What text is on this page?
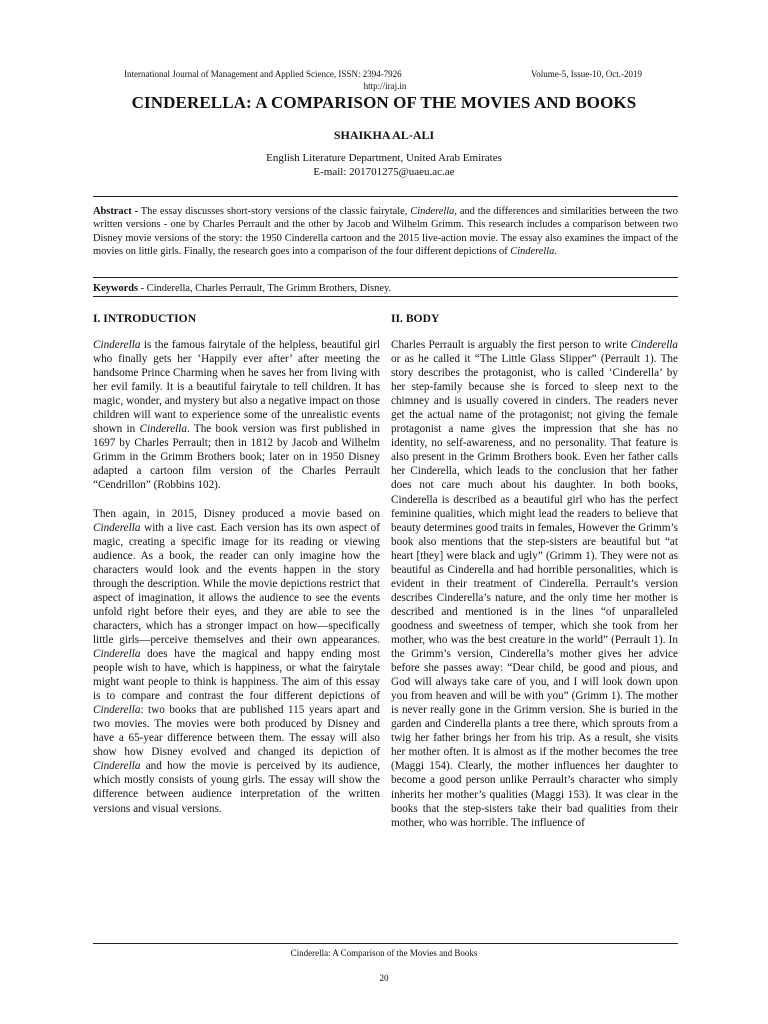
International Journal of Management and Applied Science, ISSN: 2394-7926	Volume-5, Issue-10, Oct.-2019
http://iraj.in
CINDERELLA: A COMPARISON OF THE MOVIES AND BOOKS
SHAIKHA AL-ALI
English Literature Department, United Arab Emirates
E-mail: 201701275@uaeu.ac.ae
Abstract - The essay discusses short-story versions of the classic fairytale, Cinderella, and the differences and similarities between the two written versions - one by Charles Perrault and the other by Jacob and Wilhelm Grimm. This research includes a comparison between two Disney movie versions of the story: the 1950 Cinderella cartoon and the 2015 live-action movie. The essay also examines the impact of the movies on little girls. Finally, the research goes into a comparison of the four different depictions of Cinderella.
Keywords - Cinderella, Charles Perrault, The Grimm Brothers, Disney.
I. INTRODUCTION

Cinderella is the famous fairytale of the helpless, beautiful girl who finally gets her ‘Happily ever after’ after meeting the handsome Prince Charming when he saves her from living with her evil family. It is a beautiful fairytale to tell children. It has magic, wonder, and mystery but also a negative impact on those children will want to experience some of the unrealistic events shown in Cinderella. The book version was first published in 1697 by Charles Perrault; then in 1812 by Jacob and Wilhelm Grimm in the Grimm Brothers book; later on in 1950 Disney adapted a cartoon film version of the Charles Perrault “Cendrillon” (Robbins 102).

Then again, in 2015, Disney produced a movie based on Cinderella with a live cast. Each version has its own aspect of magic, creating a specific image for its reading or viewing audience. As a book, the reader can only imagine how the characters would look and the events happen in the story through the description. While the movie depictions restrict that aspect of imagination, it allows the audience to see the events unfold right before their eyes, and they are able to see the characters, which has a stronger impact on how—specifically little girls—perceive themselves and their own appearances. Cinderella does have the magical and happy ending most people wish to have, which is happiness, or what the fairytale might want people to think is happiness. The aim of this essay is to compare and contrast the four different depictions of Cinderella: two books that are published 115 years apart and two movies. The movies were both produced by Disney and have a 65-year difference between them. The essay will also show how Disney evolved and changed its depiction of Cinderella and how the movie is perceived by its audience, which mostly consists of young girls. The essay will show the difference between audience interpretation of the written versions and visual versions.

II. BODY

Charles Perrault is arguably the first person to write Cinderella or as he called it “The Little Glass Slipper” (Perrault 1). The story describes the protagonist, who is called ‘Cinderella’ by her step-family because she is forced to sleep next to the chimney and is usually covered in cinders. The readers never get the actual name of the protagonist; not giving the female protagonist a name gives the impression that she has no identity, no self-awareness, and no personality. That feature is also present in the Grimm Brothers book. Even her father calls her Cinderella, which leads to the conclusion that her father does not care much about his daughter. In both books, Cinderella is described as a beautiful girl who has the perfect feminine qualities, which might lead the readers to believe that beauty determines good traits in females, However the Grimm’s book also mentions that the step-sisters are beautiful but “at heart [they] were black and ugly” (Grimm 1). They were not as beautiful as Cinderella and had horrible personalities, which is evident in their treatment of Cinderella. Perrault’s version describes Cinderella’s nature, and the only time her mother is described and mentioned is in the lines “of unparalleled goodness and sweetness of temper, which she took from her mother, who was the best creature in the world” (Perrault 1). In the Grimm’s version, Cinderella’s mother gives her advice before she passes away: “Dear child, be good and pious, and God will always take care of you, and I will look down upon you from heaven and will be with you” (Grimm 1). The mother is never really gone in the Grimm version. She is buried in the garden and Cinderella plants a tree there, which sprouts from a twig her father brings her from his trip. As a result, she visits her mother often. It is almost as if the mother becomes the tree (Maggi 154). Clearly, the mother influences her daughter to become a good person unlike Perrault’s character who simply inherits her mother’s qualities (Maggi 153). It was clear in the books that the step-sisters take their bad qualities from their mother, who was horrible. The influence of

Cinderella: A Comparison of the Movies and Books
20
